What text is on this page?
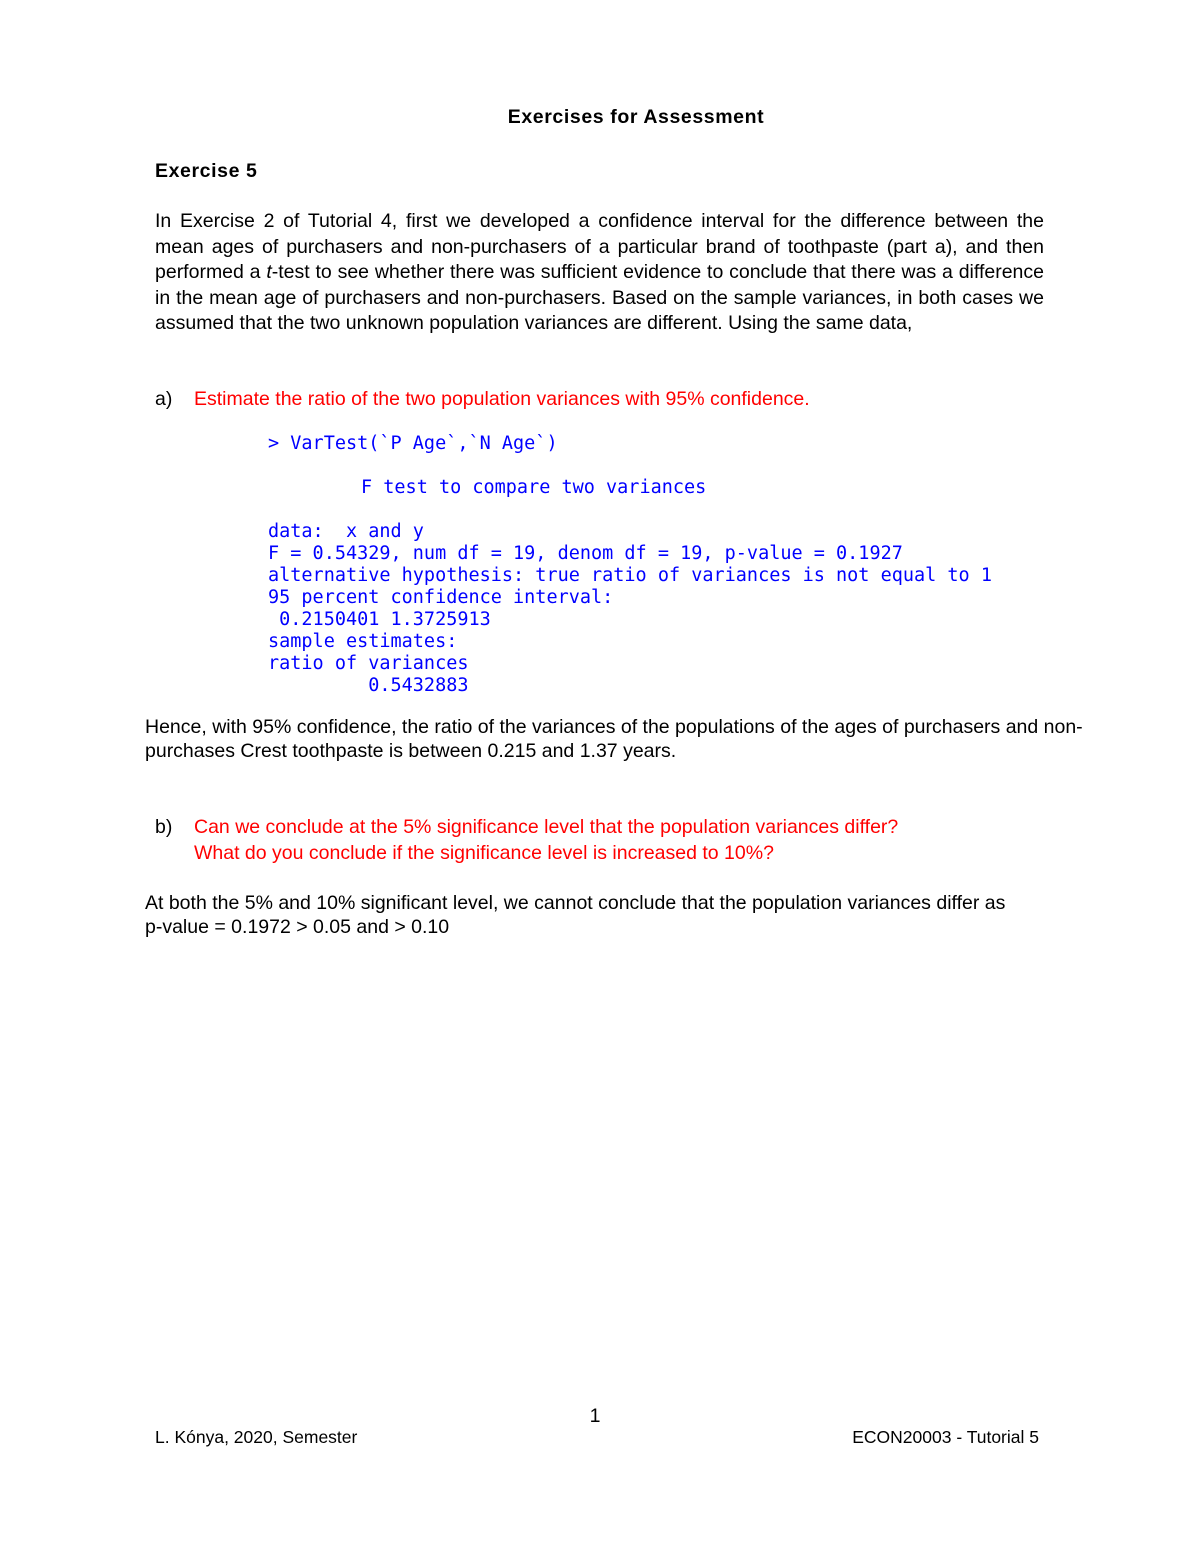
Exercises for Assessment
Exercise 5

In Exercise 2 of Tutorial 4, first we developed a confidence interval for the difference between the mean ages of purchasers and non-purchasers of a particular brand of toothpaste (part a), and then performed a t-test to see whether there was sufficient evidence to conclude that there was a difference in the mean age of purchasers and non-purchasers. Based on the sample variances, in both cases we assumed that the two unknown population variances are different. Using the same data,

a) Estimate the ratio of the two population variances with 95% confidence.
> VarTest(`P Age`,`N Age`)
F test to compare two variances
data:  x and y
F = 0.54329, num df = 19, denom df = 19, p-value = 0.1927
alternative hypothesis: true ratio of variances is not equal to 1
95 percent confidence interval:
0.2150401 1.3725913
sample estimates:
ratio of variances
0.5432883

Hence, with 95% confidence, the ratio of the variances of the populations of the ages of purchasers and non-

purchases Crest toothpaste is between 0.215 and 1.37 years.

b) Can we conclude at the 5% significance level that the population variances differ?
What do you conclude if the significance level is increased to 10%?

At both the 5% and 10% significant level, we cannot conclude that the population variances differ as

p-value = 0.1972 > 0.05 and > 0.10

1
L. Kónya, 2020, Semester	ECON20003 - Tutorial 5
